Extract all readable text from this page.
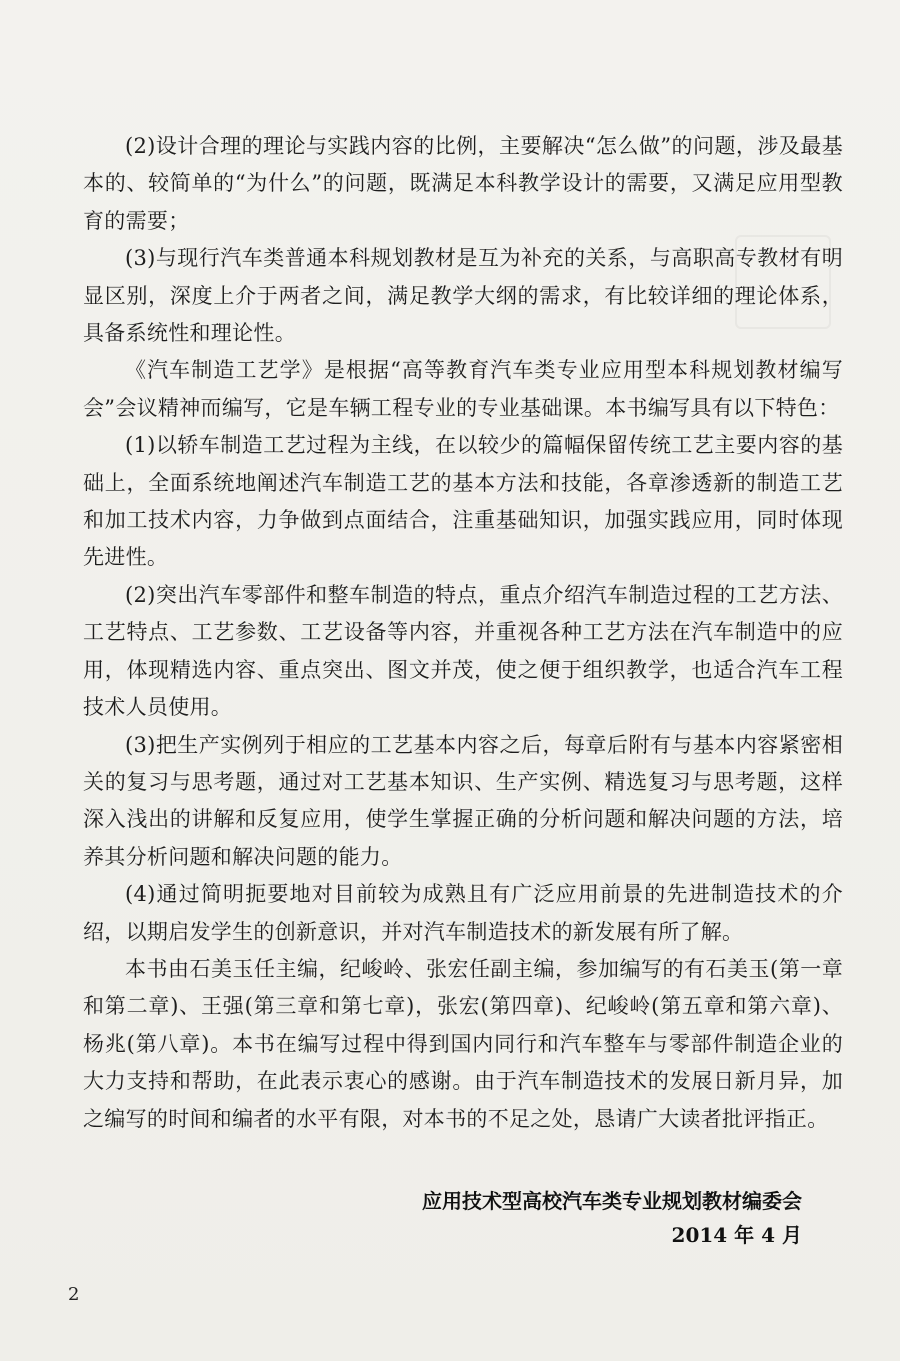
(2)设计合理的理论与实践内容的比例，主要解决“怎么做”的问题，涉及最基本的、较简单的“为什么”的问题，既满足本科教学设计的需要，又满足应用型教育的需要；

(3)与现行汽车类普通本科规划教材是互为补充的关系，与高职高专教材有明显区别，深度上介于两者之间，满足教学大纲的需求，有比较详细的理论体系，具备系统性和理论性。

《汽车制造工艺学》是根据“高等教育汽车类专业应用型本科规划教材编写会”会议精神而编写，它是车辆工程专业的专业基础课。本书编写具有以下特色：

(1)以轿车制造工艺过程为主线，在以较少的篇幅保留传统工艺主要内容的基础上，全面系统地阐述汽车制造工艺的基本方法和技能，各章渗透新的制造工艺和加工技术内容，力争做到点面结合，注重基础知识，加强实践应用，同时体现先进性。

(2)突出汽车零部件和整车制造的特点，重点介绍汽车制造过程的工艺方法、工艺特点、工艺参数、工艺设备等内容，并重视各种工艺方法在汽车制造中的应用，体现精选内容、重点突出、图文并茂，使之便于组织教学，也适合汽车工程技术人员使用。

(3)把生产实例列于相应的工艺基本内容之后，每章后附有与基本内容紧密相关的复习与思考题，通过对工艺基本知识、生产实例、精选复习与思考题，这样深入浅出的讲解和反复应用，使学生掌握正确的分析问题和解决问题的方法，培养其分析问题和解决问题的能力。

(4)通过简明扼要地对目前较为成熟且有广泛应用前景的先进制造技术的介绍，以期启发学生的创新意识，并对汽车制造技术的新发展有所了解。

本书由石美玉任主编，纪峻岭、张宏任副主编，参加编写的有石美玉(第一章和第二章)、王强(第三章和第七章)，张宏(第四章)、纪峻岭(第五章和第六章)、杨兆(第八章)。本书在编写过程中得到国内同行和汽车整车与零部件制造企业的大力支持和帮助，在此表示衷心的感谢。由于汽车制造技术的发展日新月异，加之编写的时间和编者的水平有限，对本书的不足之处，恳请广大读者批评指正。

应用技术型高校汽车类专业规划教材编委会
2014 年 4 月
2
